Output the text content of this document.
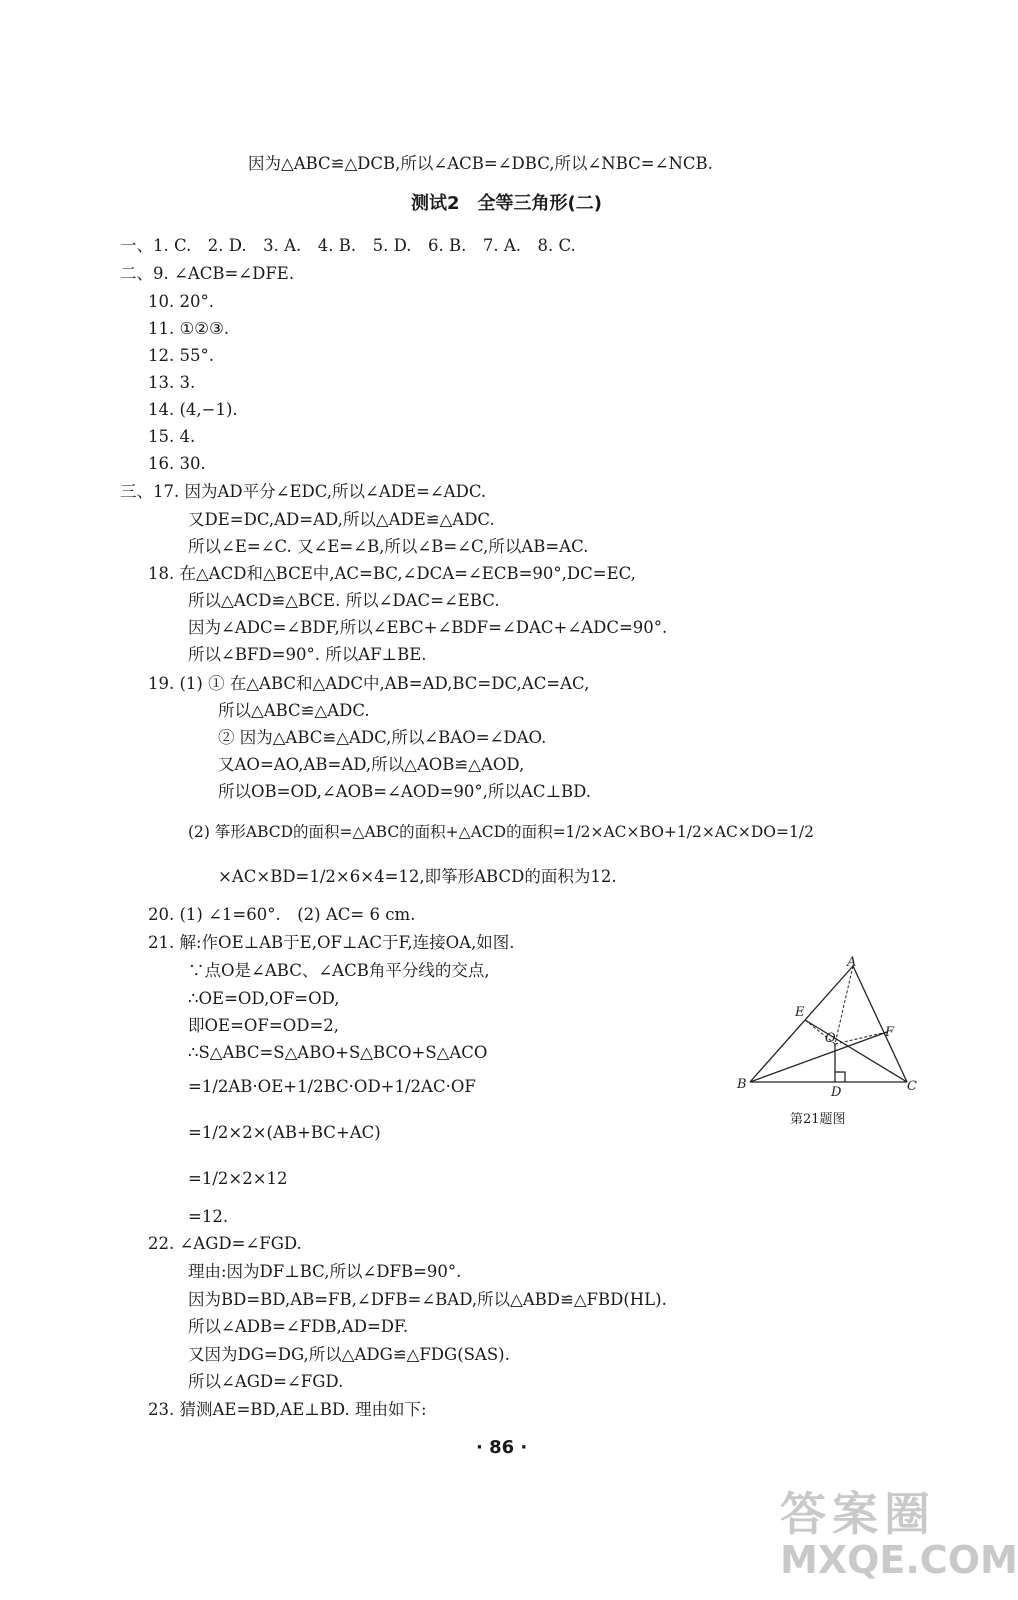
因为△ABC≌△DCB,所以∠ACB=∠DBC,所以∠NBC=∠NCB.
测试2　全等三角形(二)
一、1. C.　2. D.　3. A.　4. B.　5. D.　6. B.　7. A.　8. C.
二、9. ∠ACB=∠DFE.
10. 20°.
11. ①②③.
12. 55°.
13. 3.
14. (4,−1).
15. 4.
16. 30.
三、17. 因为AD平分∠EDC,所以∠ADE=∠ADC.
又DE=DC,AD=AD,所以△ADE≌△ADC.
所以∠E=∠C. 又∠E=∠B,所以∠B=∠C,所以AB=AC.
18. 在△ACD和△BCE中,AC=BC,∠DCA=∠ECB=90°,DC=EC,
所以△ACD≌△BCE. 所以∠DAC=∠EBC.
因为∠ADC=∠BDF,所以∠EBC+∠BDF=∠DAC+∠ADC=90°.
所以∠BFD=90°. 所以AF⊥BE.
19. (1) ① 在△ABC和△ADC中,AB=AD,BC=DC,AC=AC,
所以△ABC≌△ADC.
② 因为△ABC≌△ADC,所以∠BAO=∠DAO.
又AO=AO,AB=AD,所以△AOB≌△AOD,
所以OB=OD,∠AOB=∠AOD=90°,所以AC⊥BD.
(2) 筝形ABCD的面积=△ABC的面积+△ACD的面积=1/2×AC×BO+1/2×AC×DO=1/2
×AC×BD=1/2×6×4=12,即筝形ABCD的面积为12.
20. (1) ∠1=60°.　(2) AC= 6 cm.
21. 解:作OE⊥AB于E,OF⊥AC于F,连接OA,如图.
∵点O是∠ABC、∠ACB角平分线的交点,
∴OE=OD,OF=OD,
即OE=OF=OD=2,
∴S△ABC=S△ABO+S△BCO+S△ACO
=1/2AB·OE+1/2BC·OD+1/2AC·OF
=1/2×2×(AB+BC+AC)
=1/2×2×12
=12.
22. ∠AGD=∠FGD.
理由:因为DF⊥BC,所以∠DFB=90°.
因为BD=BD,AB=FB,∠DFB=∠BAD,所以△ABD≌△FBD(HL).
所以∠ADB=∠FDB,AD=DF.
又因为DG=DG,所以△ADG≌△FDG(SAS).
所以∠AGD=∠FGD.
23. 猜测AE=BD,AE⊥BD. 理由如下:
A
B	C
D
E
F
O
第21题图
· 86 ·
答案圈
MXQE.COM
